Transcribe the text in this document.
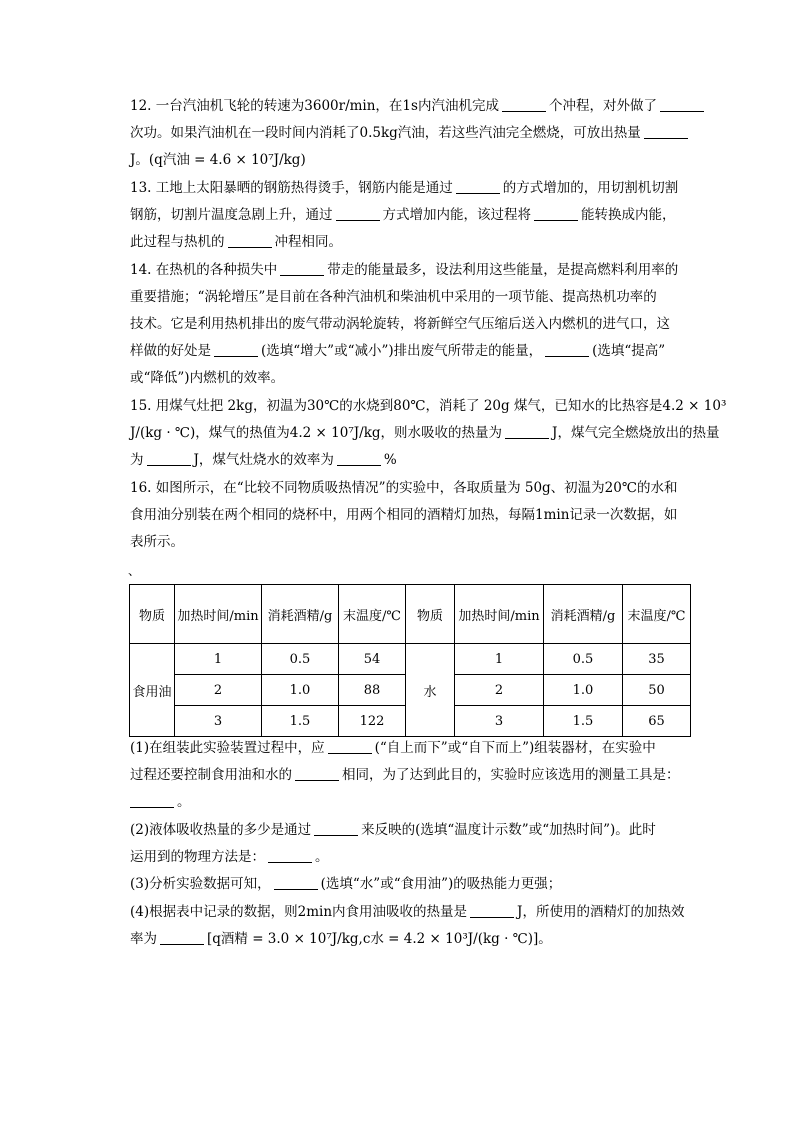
12. 一台汽油机飞轮的转速为3600r/min，在1s内汽油机完成	个冲程，对外做了
次功。如果汽油机在一段时间内消耗了0.5kg汽油，若这些汽油完全燃烧，可放出热量
J。(q汽油 = 4.6 × 10⁷J/kg)
13. 工地上太阳暴晒的钢筋热得烫手，钢筋内能是通过	的方式增加的，用切割机切割
钢筋，切割片温度急剧上升，通过	方式增加内能，该过程将	能转换成内能，
此过程与热机的	冲程相同。
14. 在热机的各种损失中	带走的能量最多，设法利用这些能量，是提高燃料利用率的
重要措施；“涡轮增压”是目前在各种汽油机和柴油机中采用的一项节能、提高热机功率的
技术。它是利用热机排出的废气带动涡轮旋转，将新鲜空气压缩后送入内燃机的进气口，这
样做的好处是	(选填“增大”或“减小”)排出废气所带走的能量，	(选填“提高”
或“降低”)内燃机的效率。
15. 用煤气灶把 2kg，初温为30℃的水烧到80℃，消耗了 20g 煤气，已知水的比热容是4.2 × 10³
J/(kg · ℃)，煤气的热值为4.2 × 10⁷J/kg，则水吸收的热量为	J，煤气完全燃烧放出的热量
为	J，煤气灶烧水的效率为	%
16. 如图所示，在“比较不同物质吸热情况”的实验中，各取质量为 50g、初温为20℃的水和
食用油分别装在两个相同的烧杯中，用两个相同的酒精灯加热，每隔1min记录一次数据，如
表所示。
、
物质	加热时间/min	消耗酒精/g	末温度/℃	物质	加热时间/min	消耗酒精/g	末温度/℃
食用油	1	0.5	54	水	1	0.5	35
	2	1.0	88		2	1.0	50
	3	1.5	122		3	1.5	65
(1)在组装此实验装置过程中，应	(“自上而下”或“自下而上”)组装器材，在实验中
过程还要控制食用油和水的	相同，为了达到此目的，实验时应该选用的测量工具是：
。
(2)液体吸收热量的多少是通过	来反映的(选填“温度计示数”或“加热时间”)。此时
运用到的物理方法是：	。
(3)分析实验数据可知，	(选填“水”或“食用油”)的吸热能力更强；
(4)根据表中记录的数据，则2min内食用油吸收的热量是	J，所使用的酒精灯的加热效
率为	[q酒精 = 3.0 × 10⁷J/kg,c水 = 4.2 × 10³J/(kg · ℃)]。
